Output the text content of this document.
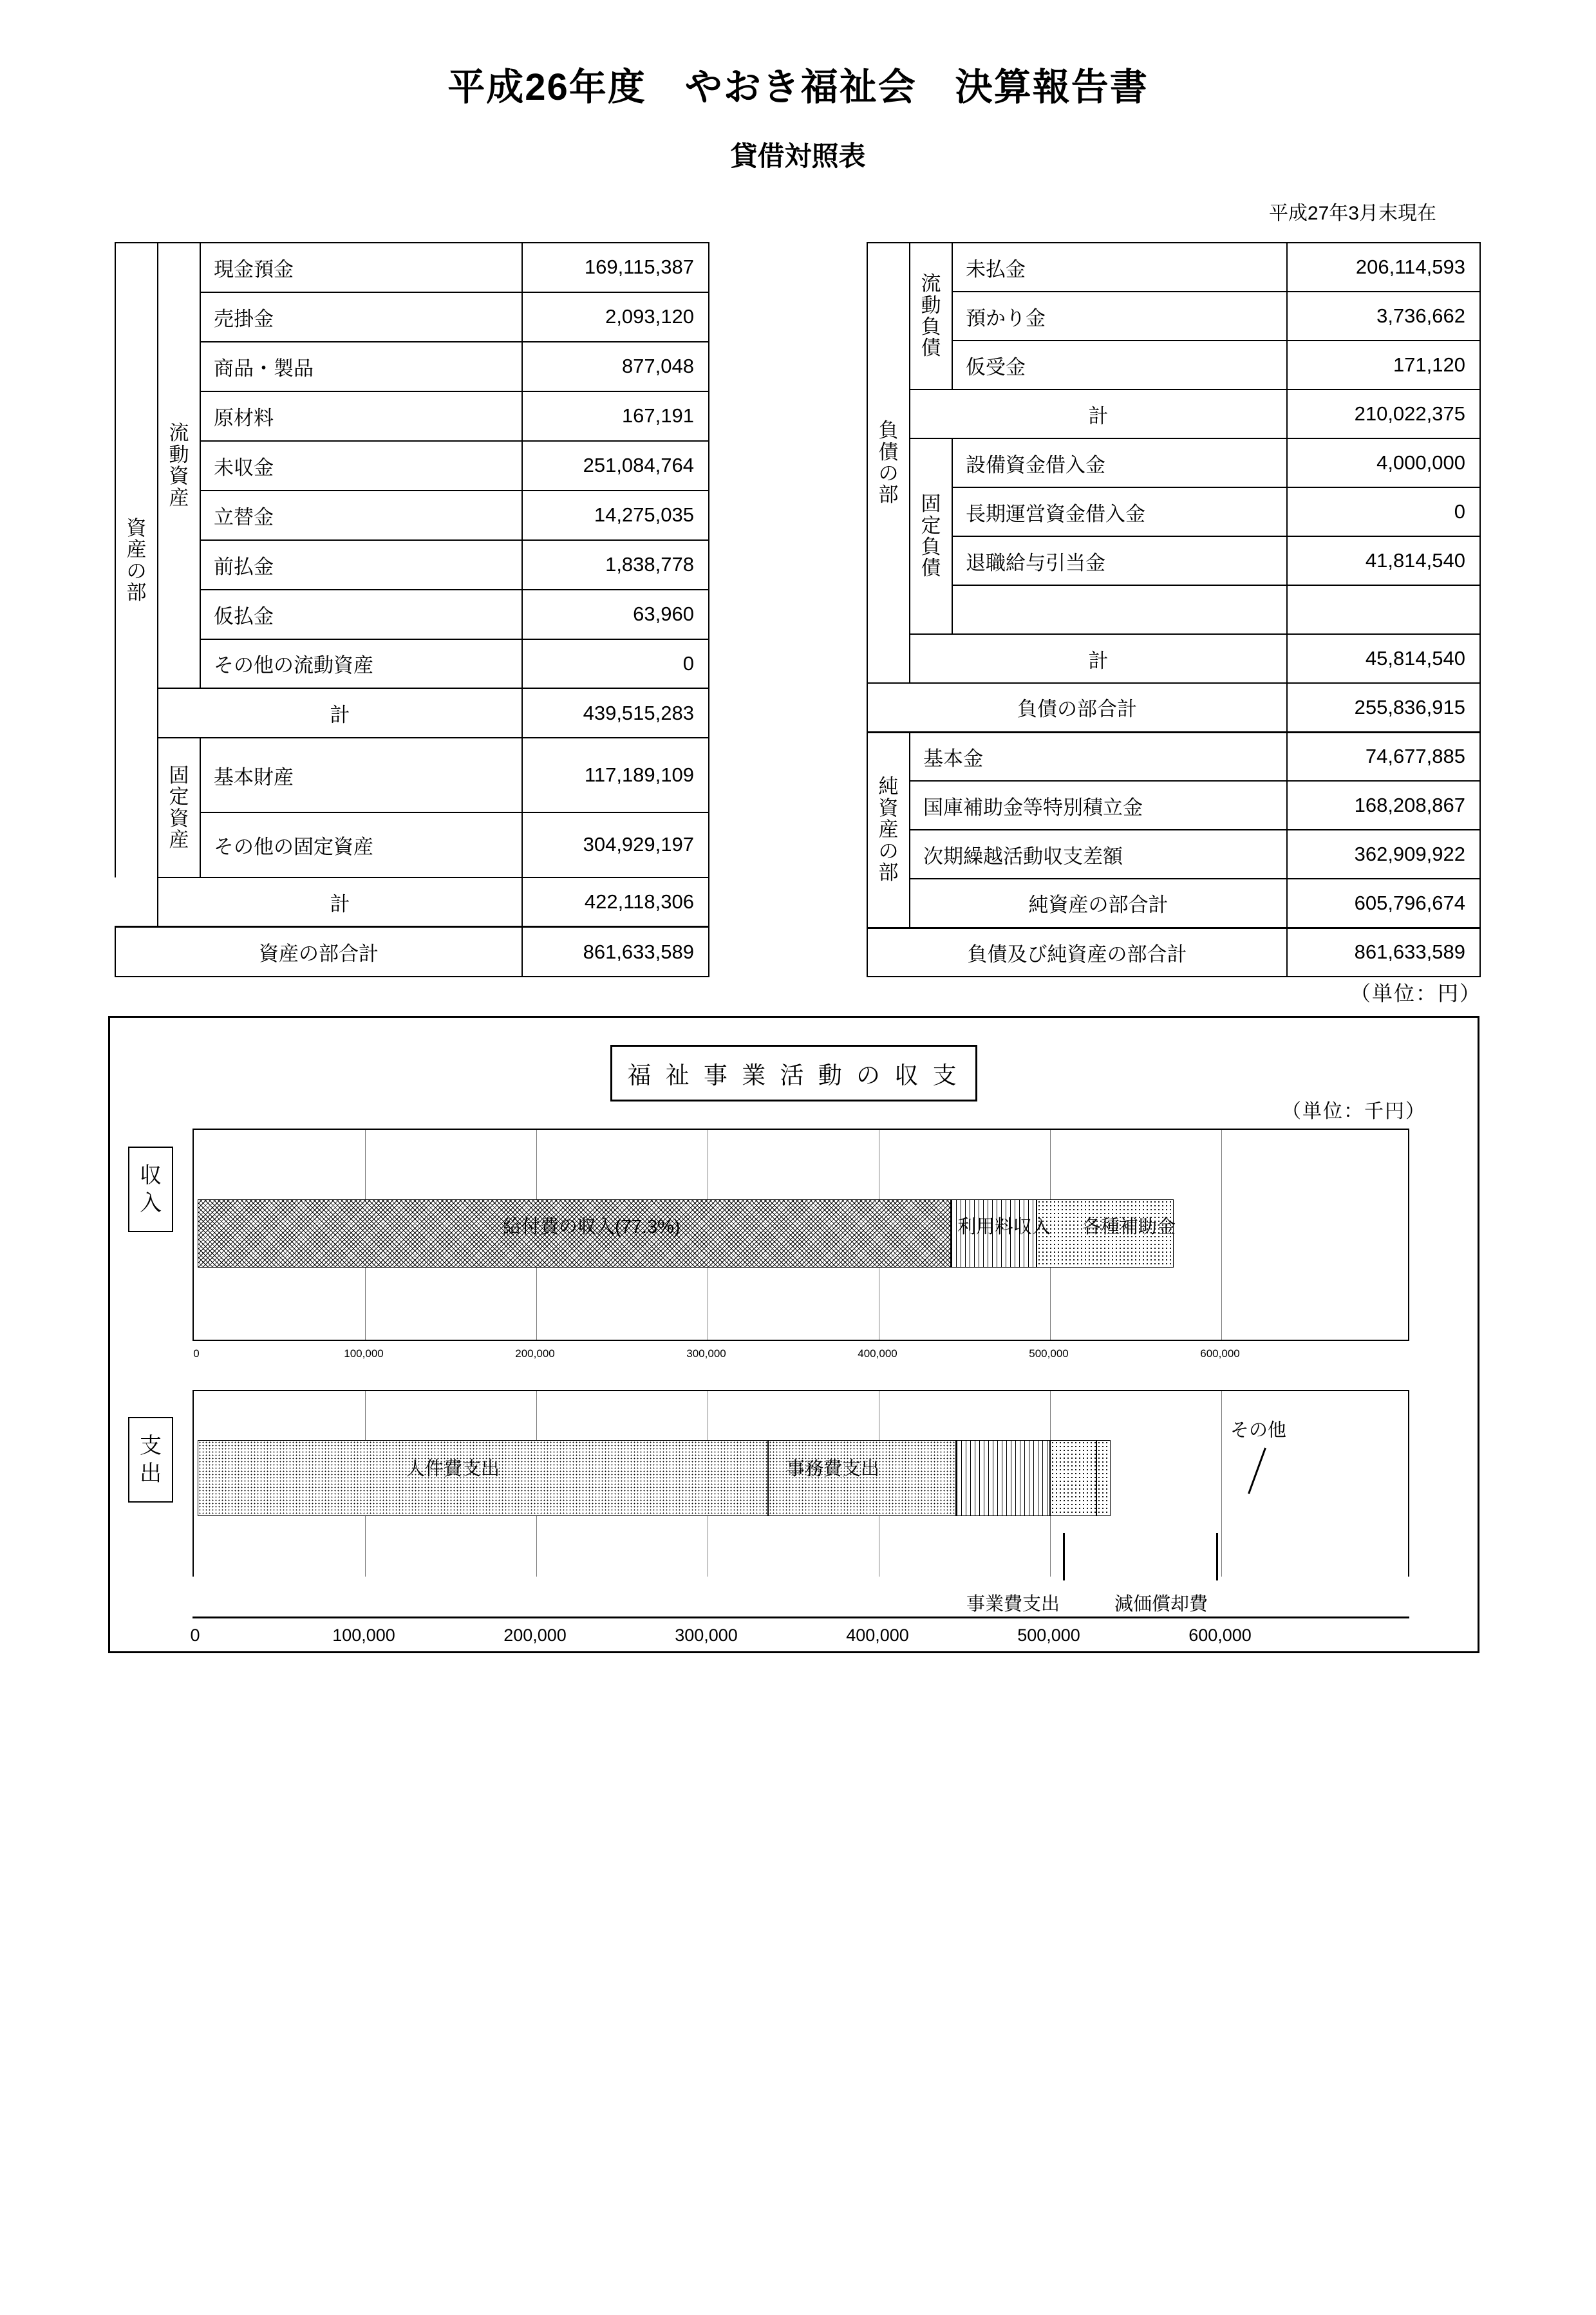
平成26年度　やおき福祉会　決算報告書
貸借対照表
平成27年3月末現在
資
産
の
部	流
動
資
産	現金預金	169,115,387
		売掛金	2,093,120
		商品・製品	877,048
		原材料	167,191
		未収金	251,084,764
		立替金	14,275,035
		前払金	1,838,778
		仮払金	63,960
		その他の流動資産	0
	計		439,515,283

	固
定
資
産	基本財産	117,189,109
		その他の固定資産	304,929,197
	計		422,118,306
資産の部合計			861,633,589
負
債
の
部	流
動
負
債	未払金	206,114,593
		預かり金	3,736,662
		仮受金	171,120
	計		210,022,375

	固
定
負
債	設備資金借入金	4,000,000
		長期運営資金借入金	0
		退職給与引当金	41,814,540

	計		45,814,540
負債の部合計			255,836,915

純
資
産
の
部	基本金		74,677,885
	国庫補助金等特別積立金		168,208,867
	次期繰越活動収支差額		362,909,922
	純資産の部合計		605,796,674
負債及び純資産の部合計			861,633,589
（単位：円）
福 祉 事 業 活 動 の 収 支
（単位：千円）
収
入
給付費の収入(77.3%)	利用料収入 各種補助金
0	100,000	200,000	300,000	400,000	500,000	600,000
支
出	人件費支出	事務費支出
その他
減価償却費
事業費支出
0	100,000	200,000	300,000	400,000	500,000	600,000
